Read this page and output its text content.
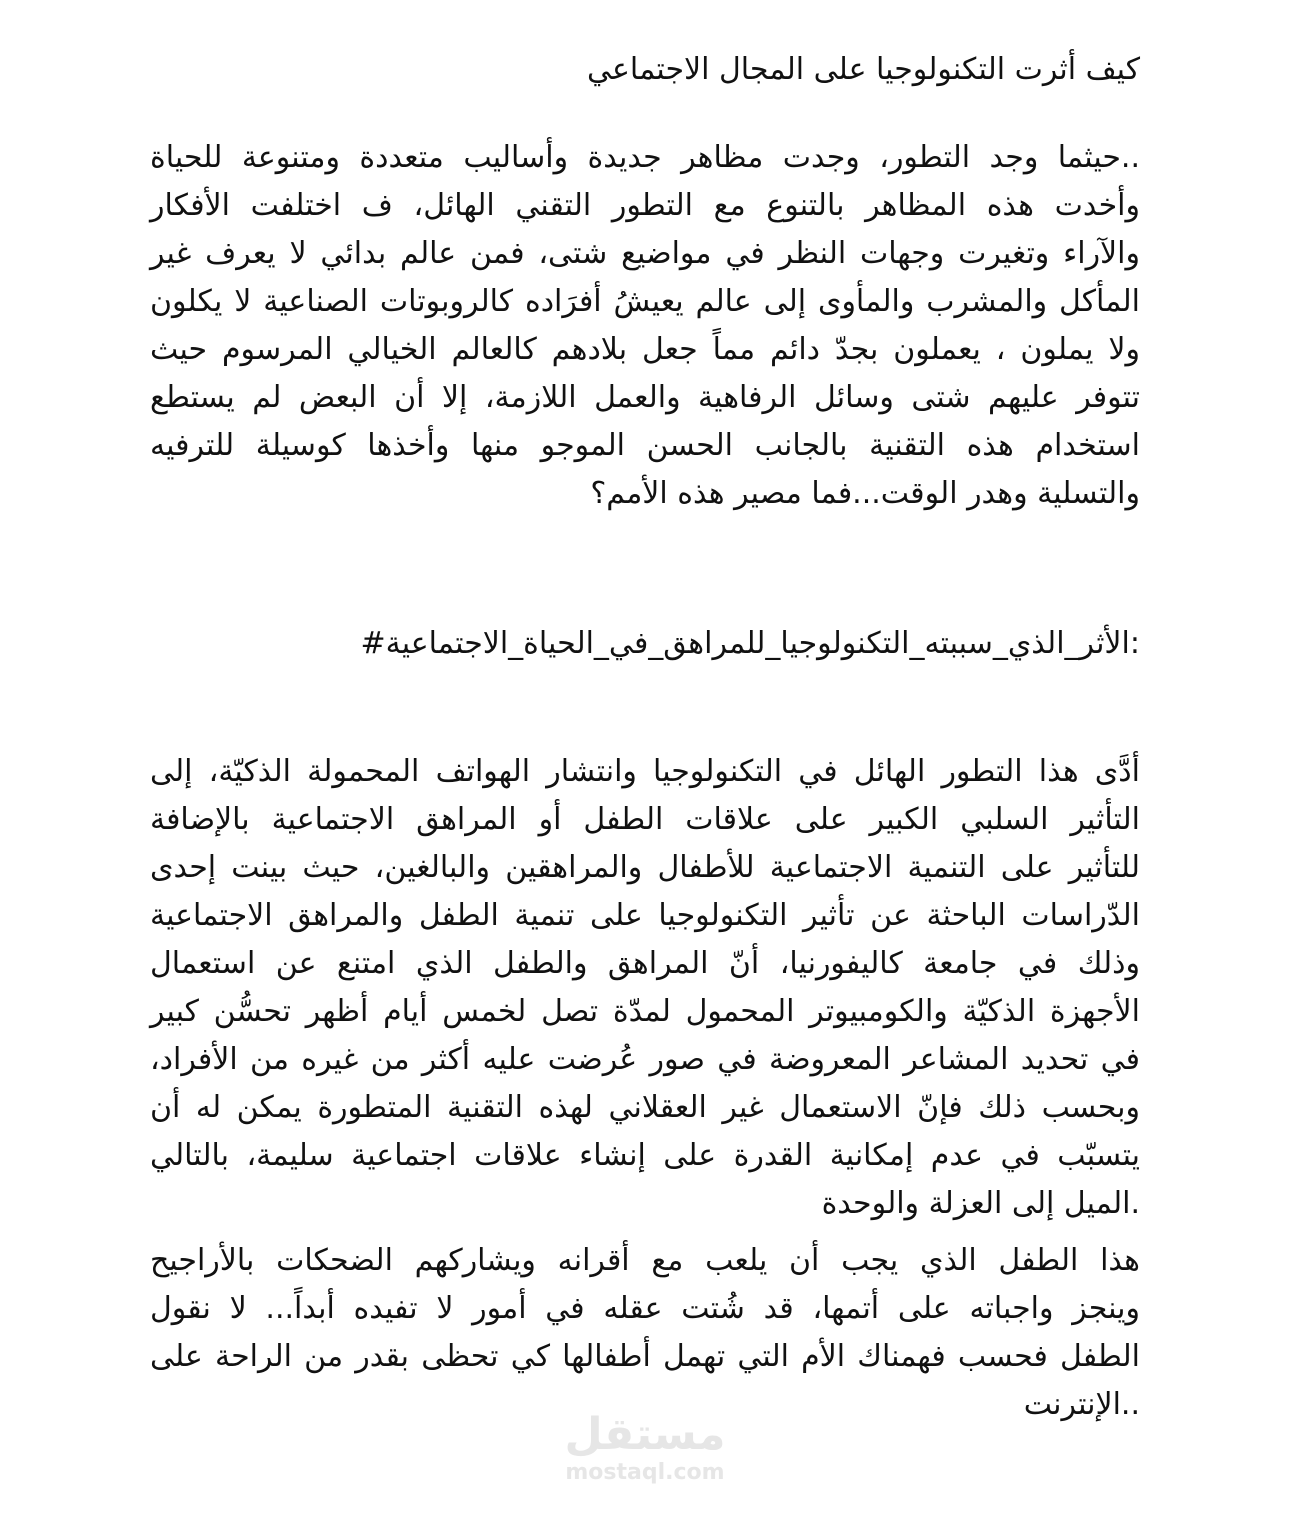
كيف أثرت التكنولوجيا على المجال الاجتماعي
..حيثما وجد التطور، وجدت مظاهر جديدة وأساليب متعددة ومتنوعة للحياة
وأخدت هذه المظاهر بالتنوع مع التطور التقني الهائل، ف اختلفت الأفكار
والآراء وتغيرت وجهات النظر في مواضيع شتى، فمن عالم بدائي لا يعرف غير
المأكل والمشرب والمأوى إلى عالم يعيشُ أفرَاده كالروبوتات الصناعية لا يكلون
ولا يملون ، يعملون بجدّ دائم مماً جعل بلادهم كالعالم الخيالي المرسوم حيث
تتوفر عليهم شتى وسائل الرفاهية والعمل اللازمة، إلا أن البعض لم يستطع
استخدام هذه التقنية بالجانب الحسن الموجو منها وأخذها كوسيلة للترفيه
والتسلية وهدر الوقت...فما مصير هذه الأمم؟
:الأثر_الذي_سببته_التكنولوجيا_للمراهق_في_الحياة_الاجتماعية#
أدَّى هذا التطور الهائل في التكنولوجيا وانتشار الهواتف المحمولة الذكيّة، إلى
التأثير السلبي الكبير على علاقات الطفل أو المراهق الاجتماعية بالإضافة
للتأثير على التنمية الاجتماعية للأطفال والمراهقين والبالغين، حيث بينت إحدى
الدّراسات الباحثة عن تأثير التكنولوجيا على تنمية الطفل والمراهق الاجتماعية
وذلك في جامعة كاليفورنيا، أنّ المراهق والطفل الذي امتنع عن استعمال
الأجهزة الذكيّة والكومبيوتر المحمول لمدّة تصل لخمس أيام أظهر تحسُّن كبير
في تحديد المشاعر المعروضة في صور عُرضت عليه أكثر من غيره من الأفراد،
وبحسب ذلك فإنّ الاستعمال غير العقلاني لهذه التقنية المتطورة يمكن له أن
يتسبّب في عدم إمكانية القدرة على إنشاء علاقات اجتماعية سليمة، بالتالي
.الميل إلى العزلة والوحدة
هذا الطفل الذي يجب أن يلعب مع أقرانه ويشاركهم الضحكات بالأراجيح
وينجز واجباته على أتمها، قد شُتت عقله في أمور لا تفيده أبداً... لا نقول
الطفل فحسب فهمناك الأم التي تهمل أطفالها كي تحظى بقدر من الراحة على
..الإنترنت
مستقل
mostaql.com
